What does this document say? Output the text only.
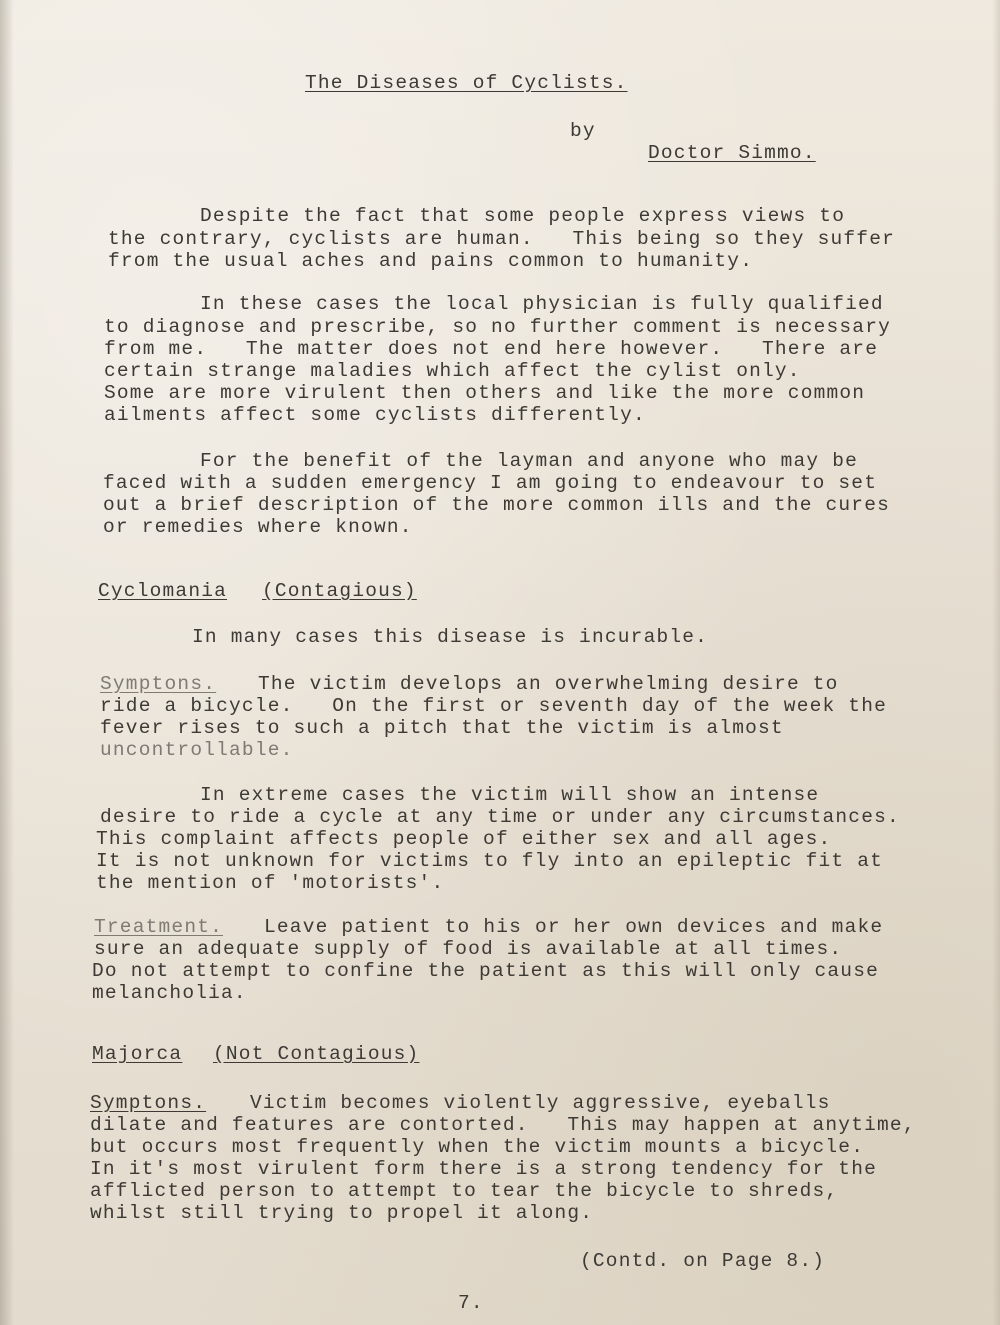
The Diseases of Cyclists.
by
Doctor Simmo.
Despite the fact that some people express views to
the contrary, cyclists are human.   This being so they suffer
from the usual aches and pains common to humanity.
In these cases the local physician is fully qualified
to diagnose and prescribe, so no further comment is necessary
from me.   The matter does not end here however.   There are
certain strange maladies which affect the cylist only.
Some are more virulent then others and like the more common
ailments affect some cyclists differently.
For the benefit of the layman and anyone who may be
faced with a sudden emergency I am going to endeavour to set
out a brief description of the more common ills and the cures
or remedies where known.
Cyclomania (Contagious)
In many cases this disease is incurable.
Symptons. The victim develops an overwhelming desire to
ride a bicycle.   On the first or seventh day of the week the
fever rises to such a pitch that the victim is almost
uncontrollable.
In extreme cases the victim will show an intense
desire to ride a cycle at any time or under any circumstances.
This complaint affects people of either sex and all ages.
It is not unknown for victims to fly into an epileptic fit at
the mention of 'motorists'.
Treatment. Leave patient to his or her own devices and make
sure an adequate supply of food is available at all times.
Do not attempt to confine the patient as this will only cause
melancholia.
Majorca (Not Contagious)
Symptons. Victim becomes violently aggressive, eyeballs
dilate and features are contorted.   This may happen at anytime,
but occurs most frequently when the victim mounts a bicycle.
In it's most virulent form there is a strong tendency for the
afflicted person to attempt to tear the bicycle to shreds,
whilst still trying to propel it along.
(Contd. on Page 8.)
7.
